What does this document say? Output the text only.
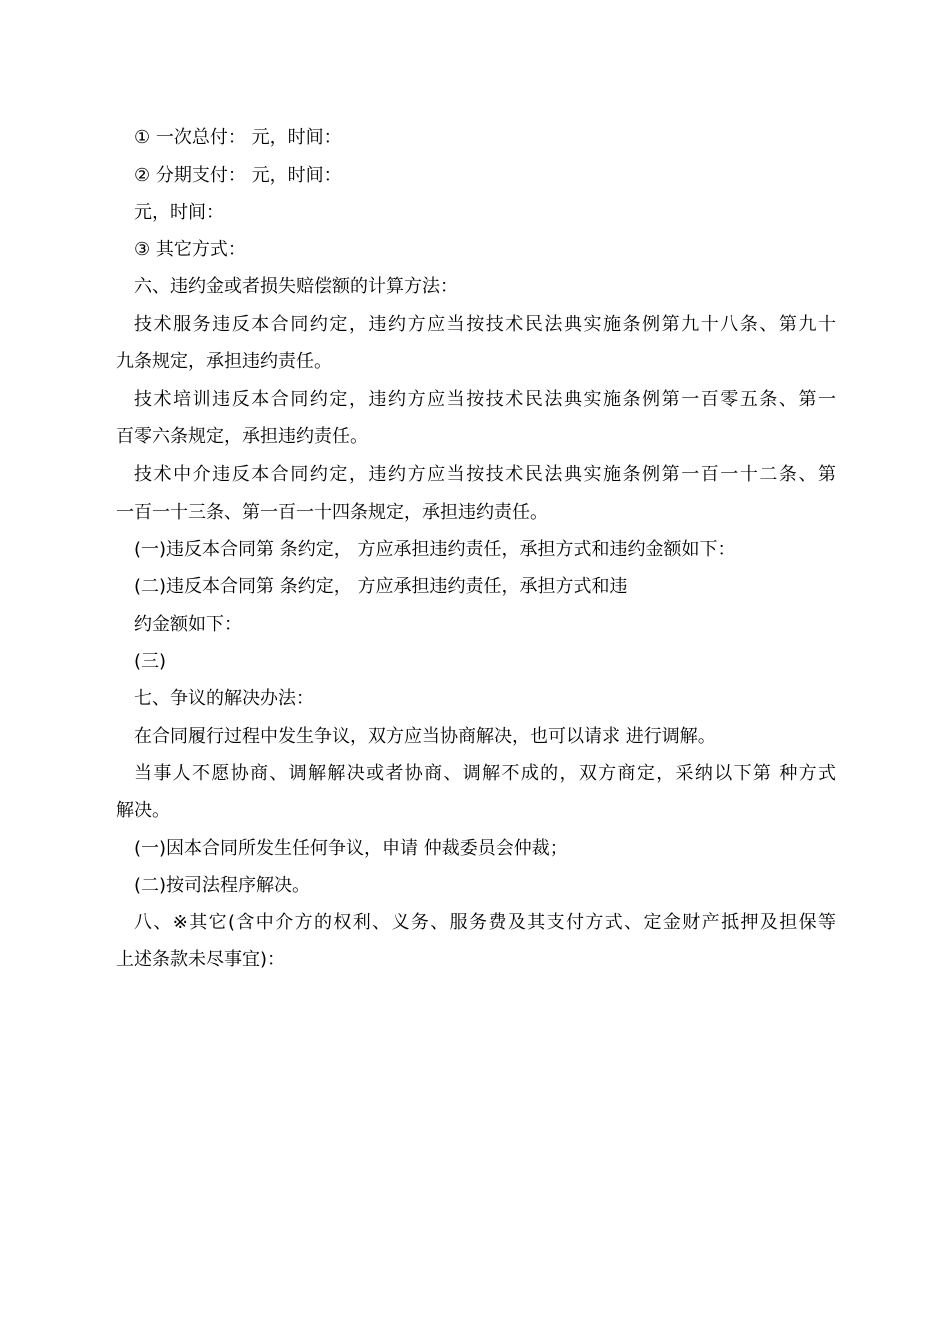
① 一次总付： 元，时间：
② 分期支付： 元，时间：
元，时间：
③ 其它方式：
六、违约金或者损失赔偿额的计算方法：
技术服务违反本合同约定，违约方应当按技术民法典实施条例第九十八条、第九十
九条规定，承担违约责任。
技术培训违反本合同约定，违约方应当按技术民法典实施条例第一百零五条、第一
百零六条规定，承担违约责任。
技术中介违反本合同约定，违约方应当按技术民法典实施条例第一百一十二条、第
一百一十三条、第一百一十四条规定，承担违约责任。
(一)违反本合同第 条约定， 方应承担违约责任，承担方式和违约金额如下：
(二)违反本合同第 条约定， 方应承担违约责任，承担方式和违
约金额如下：
(三)
七、争议的解决办法：
在合同履行过程中发生争议，双方应当协商解决，也可以请求 进行调解。
当事人不愿协商、调解解决或者协商、调解不成的，双方商定，采纳以下第 种方式
解决。
(一)因本合同所发生任何争议，申请 仲裁委员会仲裁；
(二)按司法程序解决。
八、※其它(含中介方的权利、义务、服务费及其支付方式、定金财产抵押及担保等
上述条款未尽事宜)：
